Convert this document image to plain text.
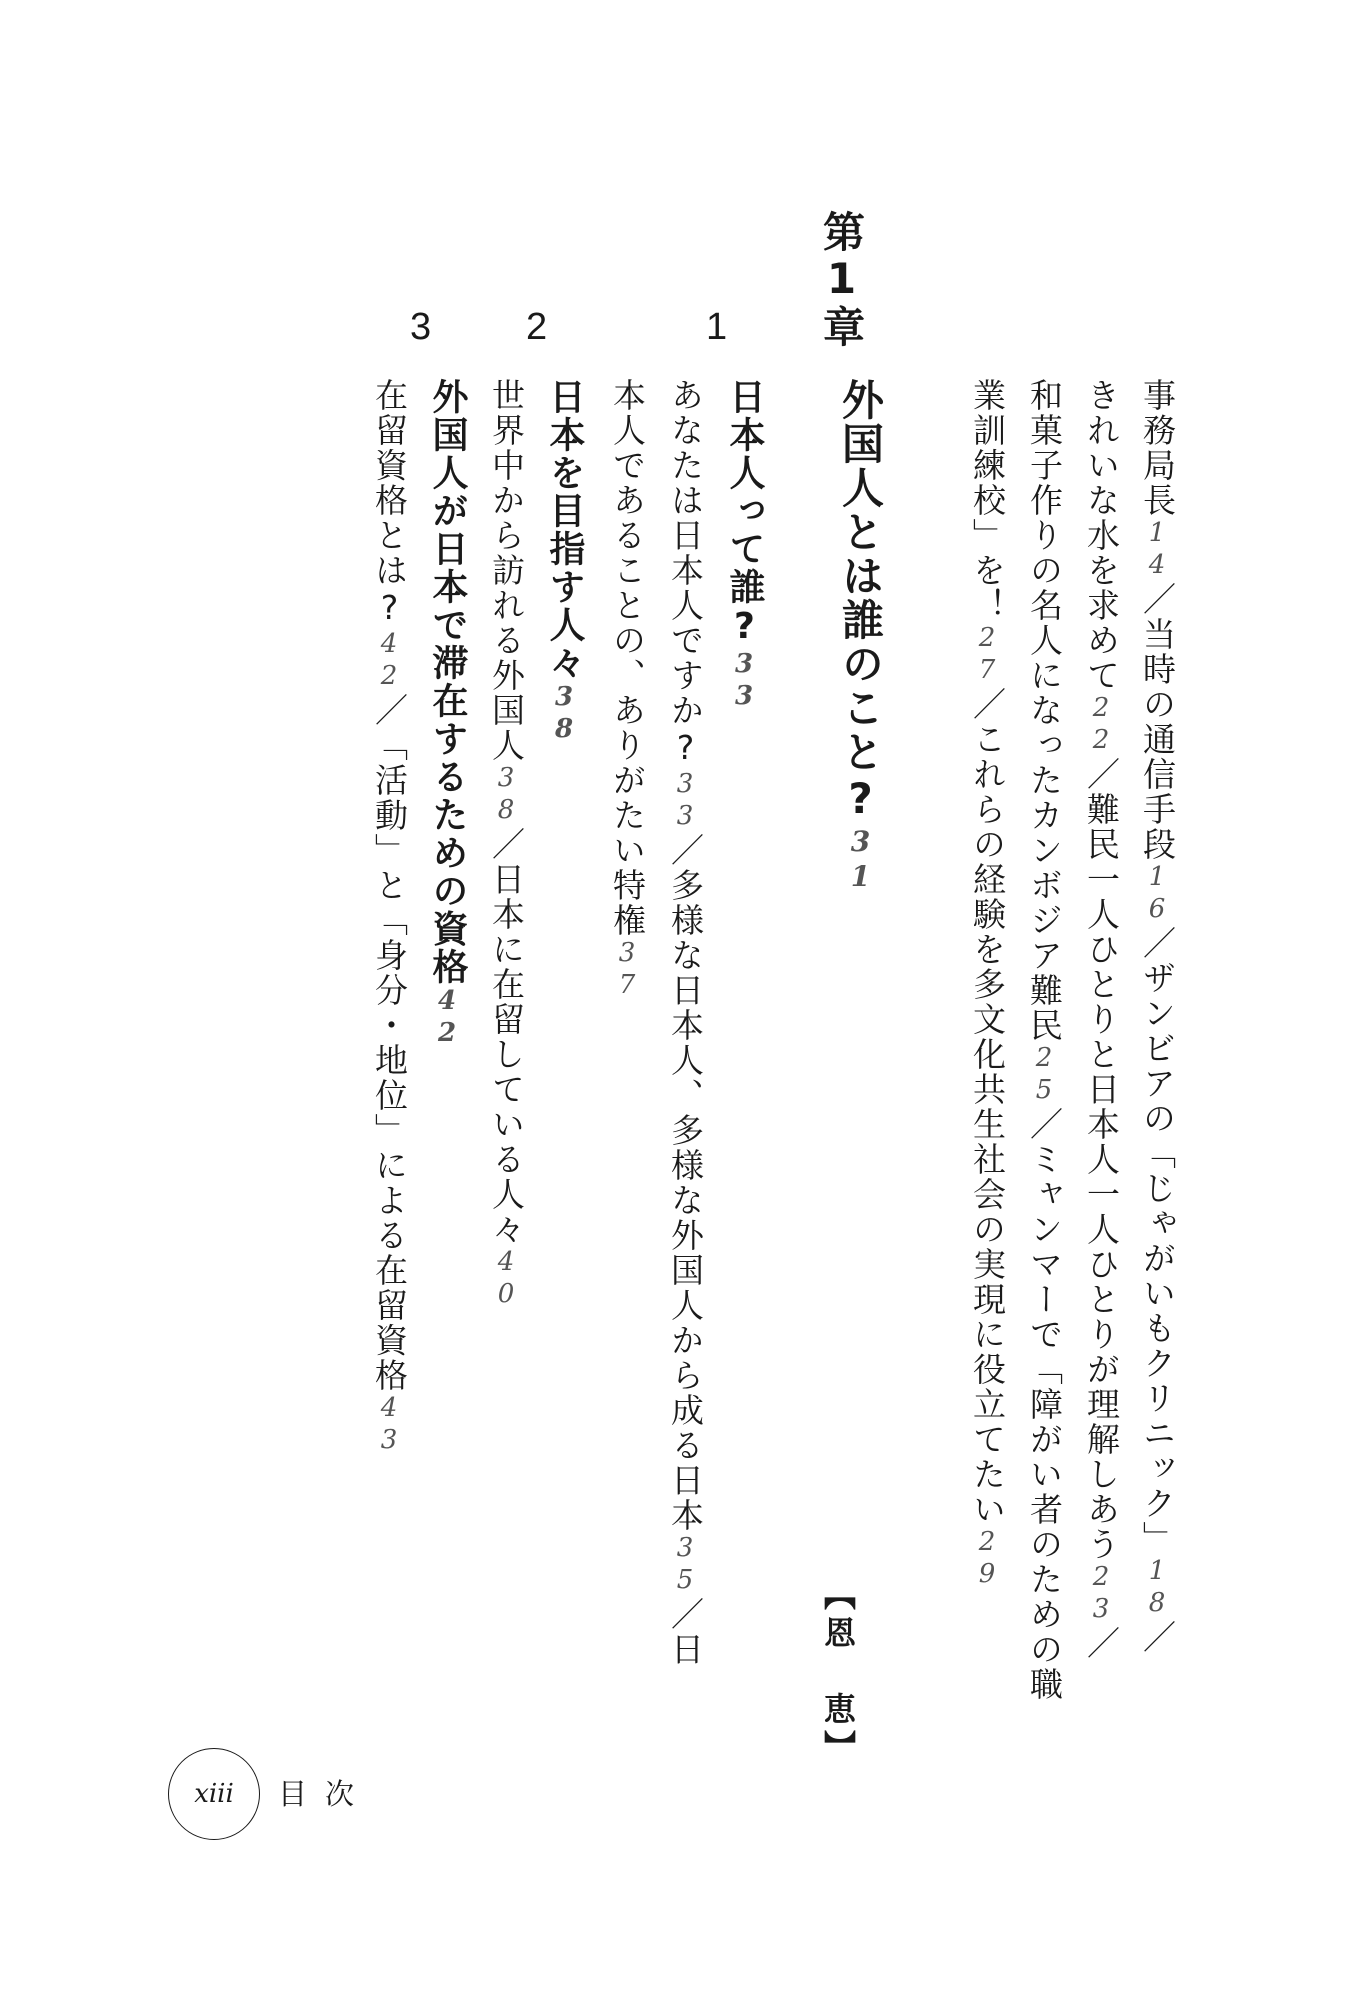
事務局長14／当時の通信手段16／ザンビアの「じゃがいもクリニック」18／
きれいな水を求めて22／難民一人ひとりと日本人一人ひとりが理解しあう23／
和菓子作りの名人になったカンボジア難民25／ミャンマーで「障がい者のための職
業訓練校」を！27／これらの経験を多文化共生社会の実現に役立てたい29
第1章
外国人とは誰のこと?31
【恩　恵】
1
日本人って誰?33
あなたは日本人ですか?33／多様な日本人、多様な外国人から成る日本35／日
本人であることの、ありがたい特権37
2
日本を目指す人々38
世界中から訪れる外国人38／日本に在留している人々40
3
外国人が日本で滞在するための資格42
在留資格とは?42／「活動」と「身分・地位」による在留資格43
xiii 目次
